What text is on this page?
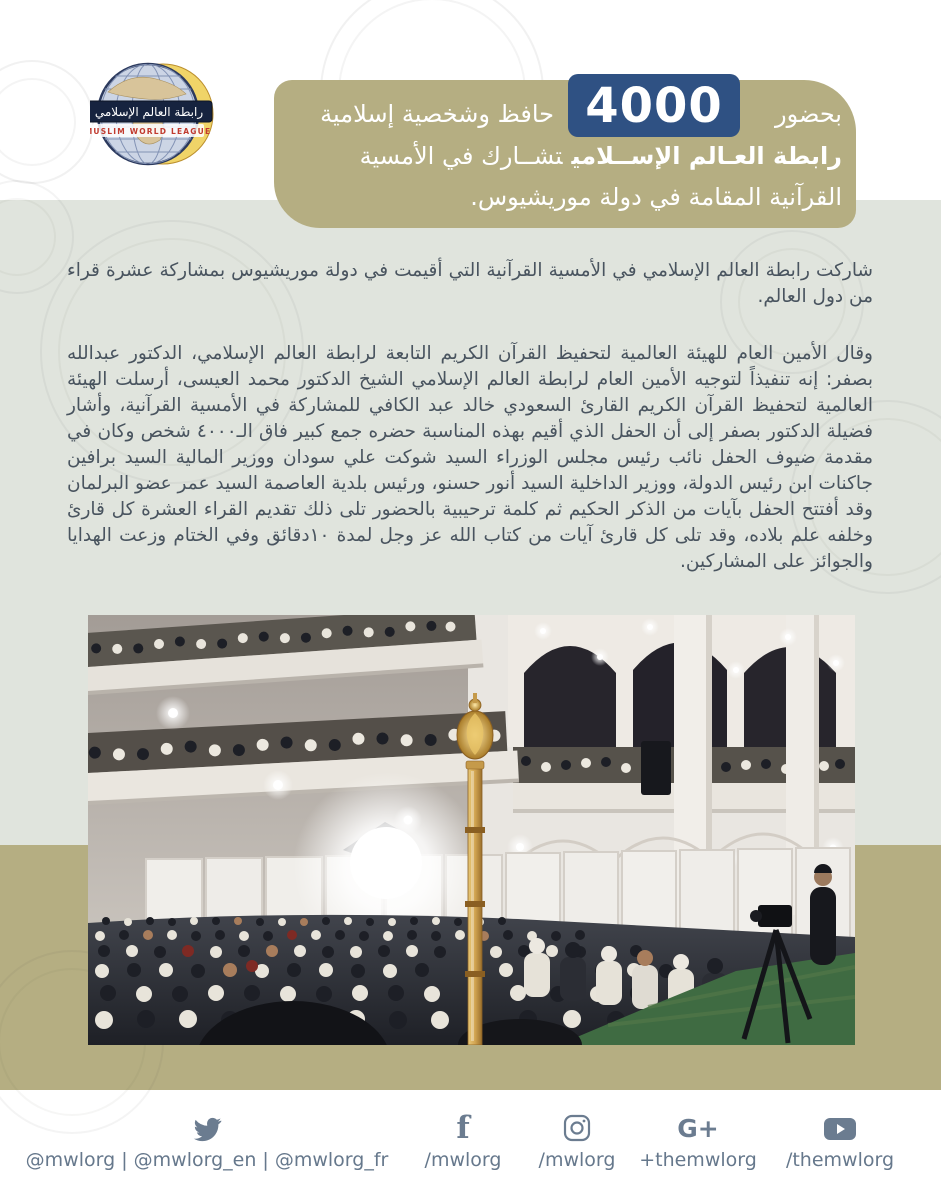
رابطة العالم الإسلامي
MUSLIM WORLD LEAGUE	4000	بحضور
حافظ وشخصية إسلامية
رابطة العـالم الإســلاميتشــارك في الأمسية
القرآنية المقامة في دولة موريشيوس.
شاركت رابطة العالم الإسلامي في الأمسية القرآنية التي أقيمت في دولة موريشيوس بمشاركة عشرة قراء من دول العالم.
وقال الأمين العام للهيئة العالمية لتحفيظ القرآن الكريم التابعة لرابطة العالم الإسلامي، الدكتور عبدالله بصفر: إنه تنفيذاً لتوجيه الأمين العام لرابطة العالم الإسلامي الشيخ الدكتور محمد العيسى، أرسلت الهيئة العالمية لتحفيظ القرآن الكريم القارئ السعودي خالد عبد الكافي للمشاركة في الأمسية القرآنية، وأشار فضيلة الدكتور بصفر إلى أن الحفل الذي أقيم بهذه المناسبة حضره جمع كبير فاق الـ٤٠٠٠ شخص وكان في مقدمة ضيوف الحفل نائب رئيس مجلس الوزراء السيد شوكت علي سودان ووزير المالية السيد برافين جاكنات ابن رئيس الدولة، ووزير الداخلية السيد أنور حسنو، ورئيس بلدية العاصمة السيد عمر عضو البرلمان وقد أفتتح الحفل بآيات من الذكر الحكيم ثم كلمة ترحيبية بالحضور تلى ذلك تقديم القراء العشرة كل قارئ وخلفه علم بلاده، وقد تلى كل قارئ آيات من كتاب الله عز وجل لمدة ١٠دقائق وفي الختام وزعت الهدايا والجوائز على المشاركين.
@mwlorg | @mwlorg_en | @mwlorg_fr
f
/mwlorg /mwlorg
G+
+themwlorg /themwlorg
